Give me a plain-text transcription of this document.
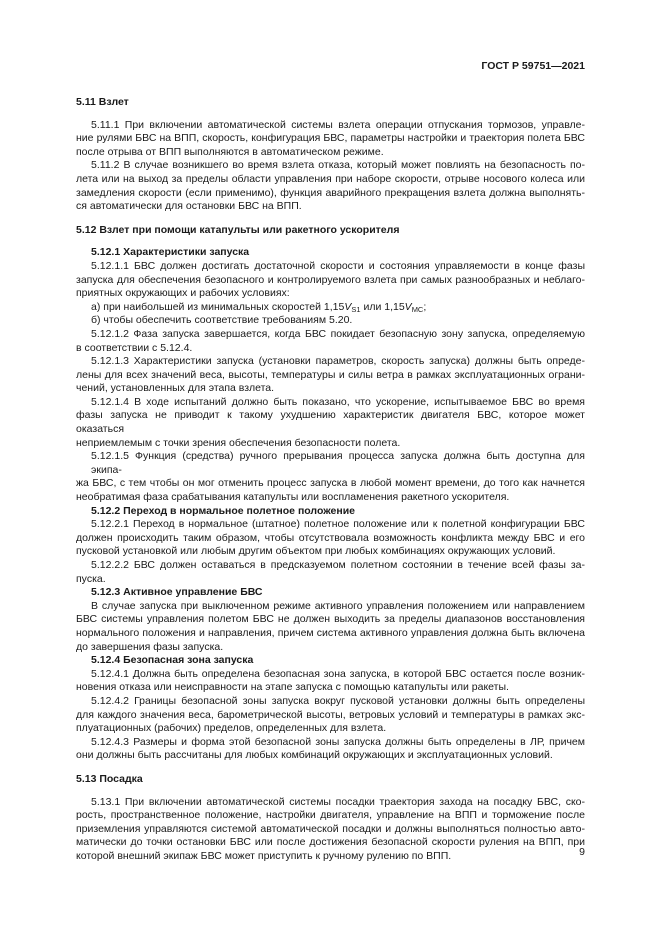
ГОСТ Р 59751—2021
5.11 Взлет
5.11.1 При включении автоматической системы взлета операции отпускания тормозов, управле-
ние рулями БВС на ВПП, скорость, конфигурация БВС, параметры настройки и траектория полета БВС
после отрыва от ВПП выполняются в автоматическом режиме.
5.11.2 В случае возникшего во время взлета отказа, который может повлиять на безопасность по-
лета или на выход за пределы области управления при наборе скорости, отрыве носового колеса или
замедления скорости (если применимо), функция аварийного прекращения взлета должна выполнять-
ся автоматически для остановки БВС на ВПП.
5.12 Взлет при помощи катапульты или ракетного ускорителя
5.12.1 Характеристики запуска
5.12.1.1 БВС должен достигать достаточной скорости и состояния управляемости в конце фазы
запуска для обеспечения безопасного и контролируемого взлета при самых разнообразных и неблаго-
приятных окружающих и рабочих условиях:
а) при наибольшей из минимальных скоростей $1,15V_{S1}$ или $1,15V_{MC}$;
б) чтобы обеспечить соответствие требованиям 5.20.
5.12.1.2 Фаза запуска завершается, когда БВС покидает безопасную зону запуска, определяемую
в соответствии с 5.12.4.
5.12.1.3 Характеристики запуска (установки параметров, скорость запуска) должны быть опреде-
лены для всех значений веса, высоты, температуры и силы ветра в рамках эксплуатационных ограни-
чений, установленных для этапа взлета.
5.12.1.4 В ходе испытаний должно быть показано, что ускорение, испытываемое БВС во время
фазы запуска не приводит к такому ухудшению характеристик двигателя БВС, которое может оказаться
неприемлемым с точки зрения обеспечения безопасности полета.
5.12.1.5 Функция (средства) ручного прерывания процесса запуска должна быть доступна для экипа-
жа БВС, с тем чтобы он мог отменить процесс запуска в любой момент времени, до того как начнется
необратимая фаза срабатывания катапульты или воспламенения ракетного ускорителя.
5.12.2 Переход в нормальное полетное положение
5.12.2.1 Переход в нормальное (штатное) полетное положение или к полетной конфигурации БВС
должен происходить таким образом, чтобы отсутствовала возможность конфликта между БВС и его
пусковой установкой или любым другим объектом при любых комбинациях окружающих условий.
5.12.2.2 БВС должен оставаться в предсказуемом полетном состоянии в течение всей фазы за-
пуска.
5.12.3 Активное управление БВС
В случае запуска при выключенном режиме активного управления положением или направлением
БВС системы управления полетом БВС не должен выходить за пределы диапазонов восстановления
нормального положения и направления, причем система активного управления должна быть включена
до завершения фазы запуска.
5.12.4 Безопасная зона запуска
5.12.4.1 Должна быть определена безопасная зона запуска, в которой БВС остается после возник-
новения отказа или неисправности на этапе запуска с помощью катапульты или ракеты.
5.12.4.2 Границы безопасной зоны запуска вокруг пусковой установки должны быть определены
для каждого значения веса, барометрической высоты, ветровых условий и температуры в рамках экс-
плуатационных (рабочих) пределов, определенных для взлета.
5.12.4.3 Размеры и форма этой безопасной зоны запуска должны быть определены в ЛР, причем
они должны быть рассчитаны для любых комбинаций окружающих и эксплуатационных условий.
5.13 Посадка
5.13.1 При включении автоматической системы посадки траектория захода на посадку БВС, ско-
рость, пространственное положение, настройки двигателя, управление на ВПП и торможение после
приземления управляются системой автоматической посадки и должны выполняться полностью авто-
матически до точки остановки БВС или после достижения безопасной скорости руления на ВПП, при
которой внешний экипаж БВС может приступить к ручному рулению по ВПП.	9
